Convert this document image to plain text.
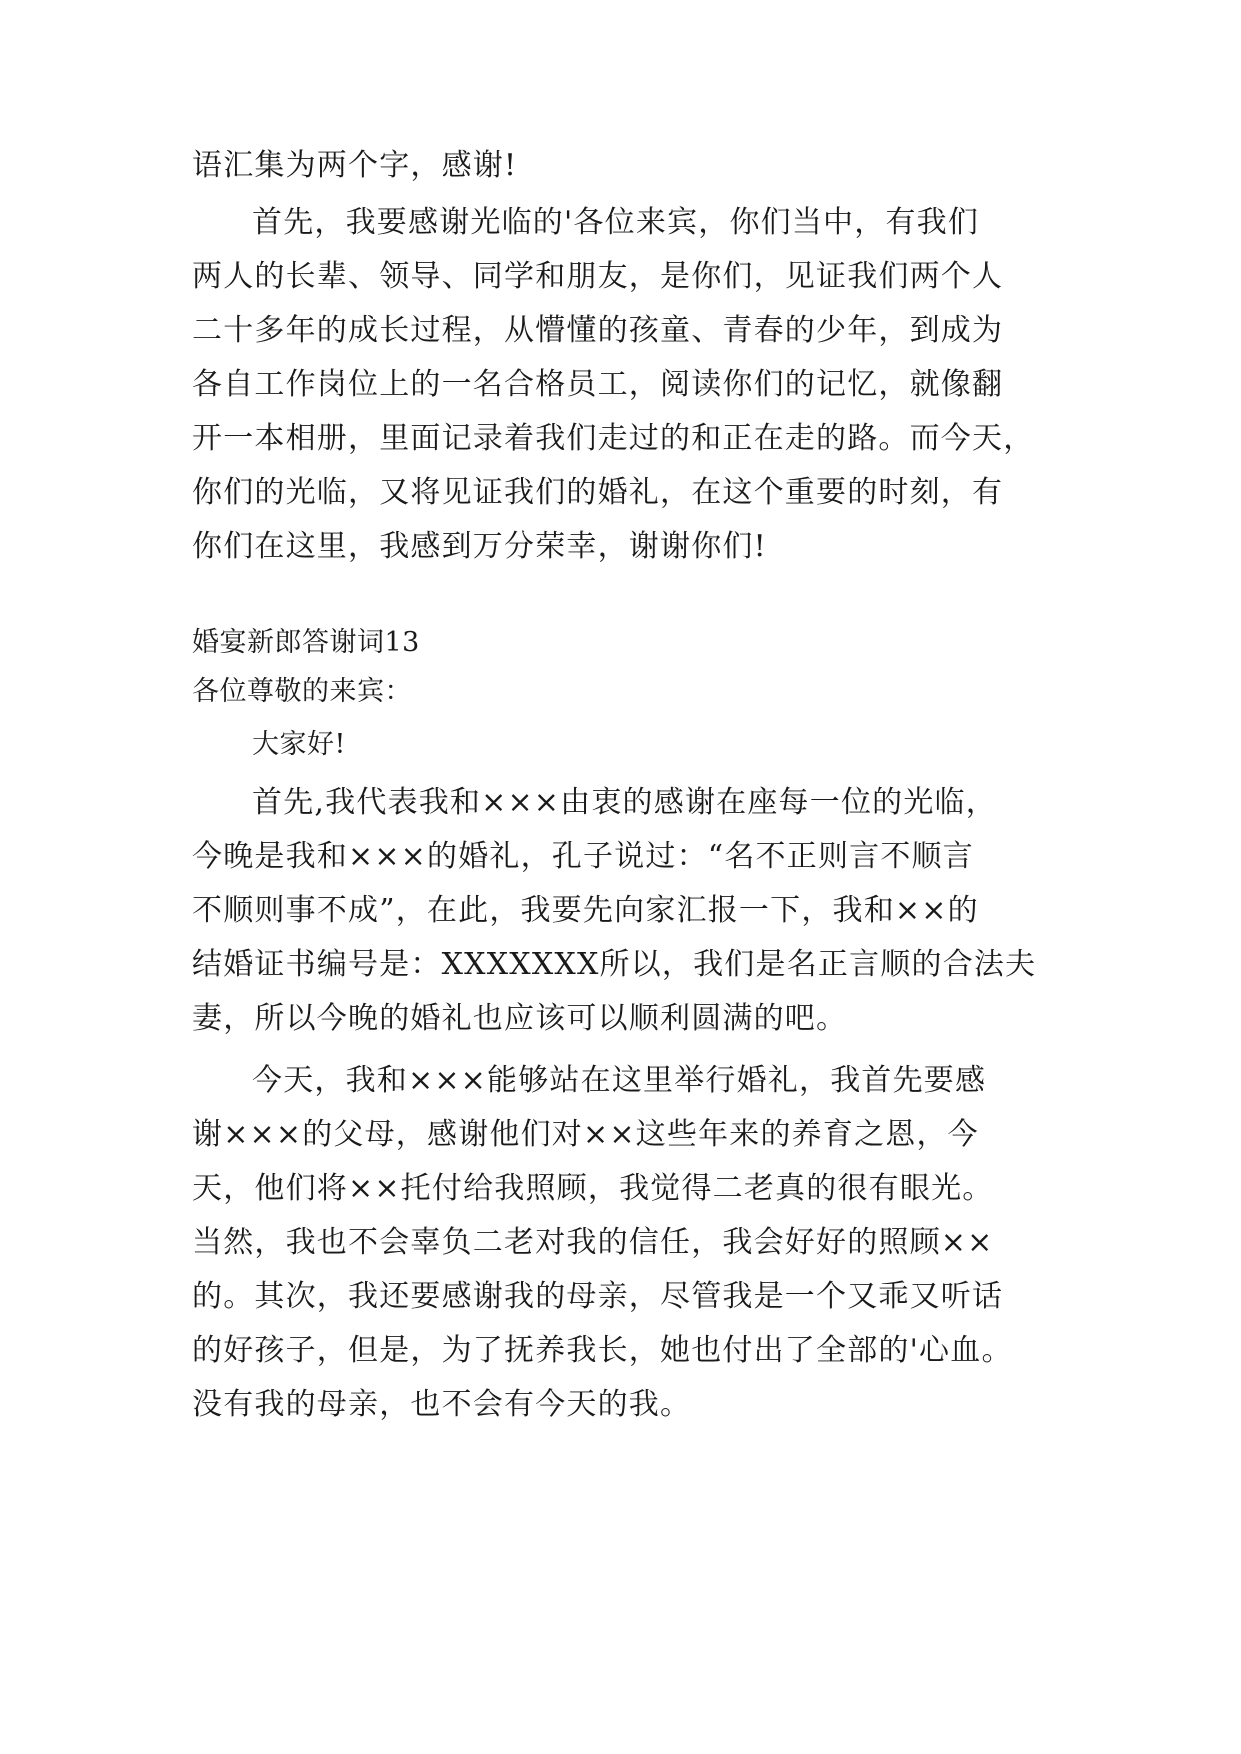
语汇集为两个字，感谢!
首先，我要感谢光临的'各位来宾，你们当中，有我们
两人的长辈、领导、同学和朋友，是你们，见证我们两个人
二十多年的成长过程，从懵懂的孩童、青春的少年，到成为
各自工作岗位上的一名合格员工，阅读你们的记忆，就像翻
开一本相册，里面记录着我们走过的和正在走的路。而今天，
你们的光临，又将见证我们的婚礼，在这个重要的时刻，有
你们在这里，我感到万分荣幸，谢谢你们!
婚宴新郎答谢词13
各位尊敬的来宾：
大家好!
首先,我代表我和×××由衷的感谢在座每一位的光临，
今晚是我和×××的婚礼，孔子说过：“名不正则言不顺言
不顺则事不成”，在此，我要先向家汇报一下，我和××的
结婚证书编号是：XXXXXXX所以，我们是名正言顺的合法夫
妻，所以今晚的婚礼也应该可以顺利圆满的吧。
今天，我和×××能够站在这里举行婚礼，我首先要感
谢×××的父母，感谢他们对××这些年来的养育之恩，今
天，他们将××托付给我照顾，我觉得二老真的很有眼光。
当然，我也不会辜负二老对我的信任，我会好好的照顾××
的。其次，我还要感谢我的母亲，尽管我是一个又乖又听话
的好孩子，但是，为了抚养我长，她也付出了全部的'心血。
没有我的母亲，也不会有今天的我。
